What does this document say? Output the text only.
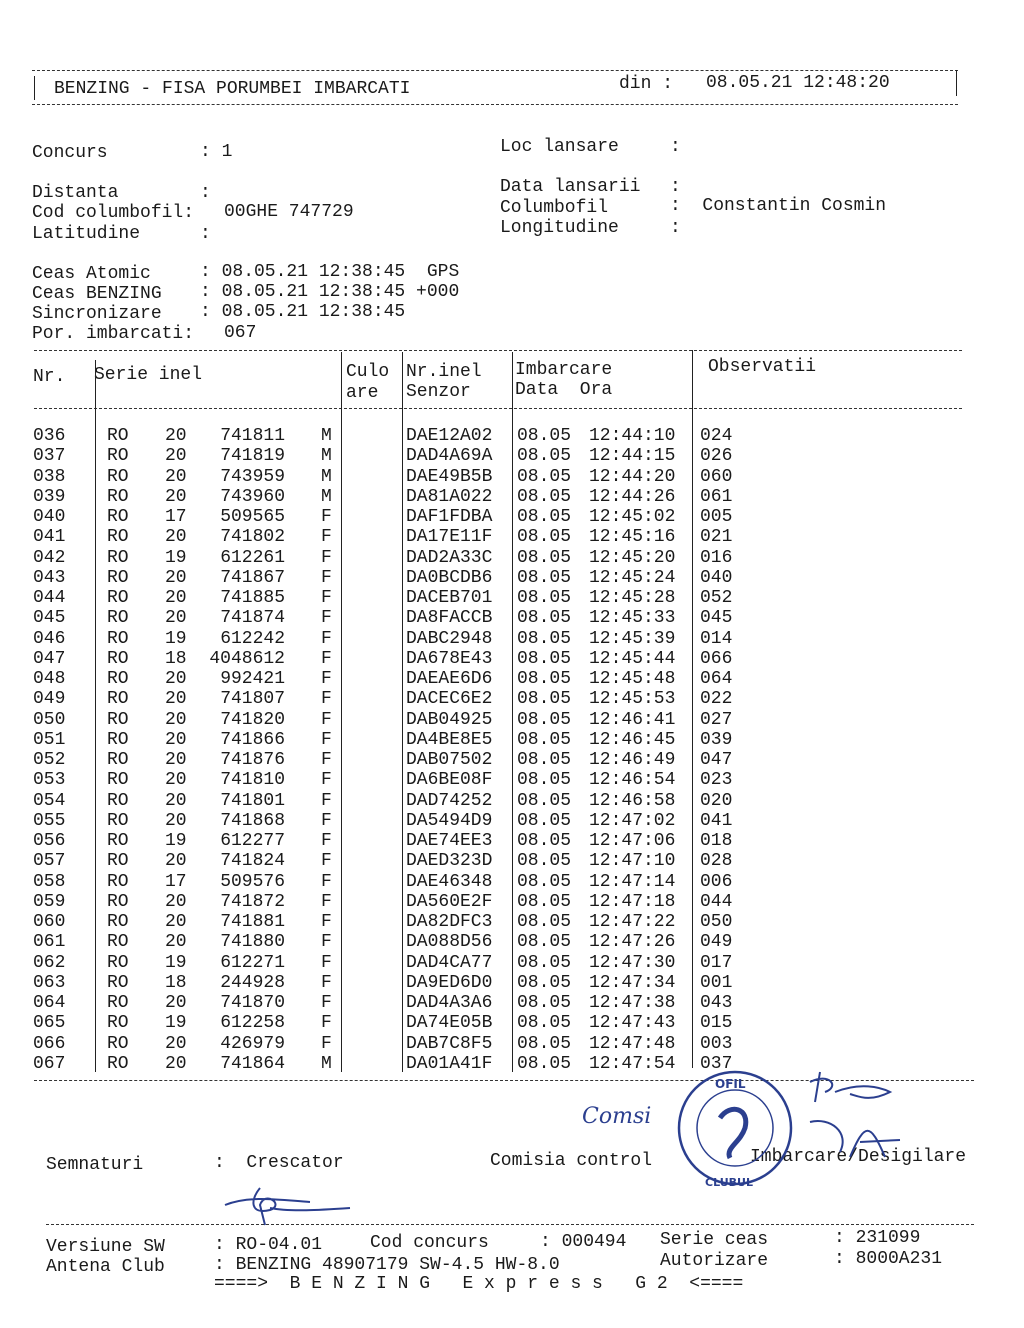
BENZING - FISA PORUMBEI IMBARCATI	din : 08.05.21 12:48:20
Concurs	: 1	Loc lansare	:
Distanta	:	Data lansarii :
Cod columbofil: 00GHE 747729	Columbofil	:  Constantin Cosmin
Latitudine	:	Longitudine	:
Ceas Atomic	: 08.05.21 12:38:45  GPS
Ceas BENZING : 08.05.21 12:38:45 +000
Sincronizare : 08.05.21 12:38:45
Por. imbarcati: 067
Nr. Serie inel	Culo
are
Nr.inel
Senzor
Imbarcare
Data  Ora
Observatii
036 RO 20	741811 M	DAE12A02 08.05 12:44:10 024
037 RO 20	741819 M	DAD4A69A 08.05 12:44:15 026
038 RO 20	743959 M	DAE49B5B 08.05 12:44:20 060
039 RO 20	743960 M	DA81A022 08.05 12:44:26 061
040 RO 17	509565 F	DAF1FDBA 08.05 12:45:02 005
041 RO 20	741802 F	DA17E11F 08.05 12:45:16 021
042 RO 19	612261 F	DAD2A33C 08.05 12:45:20 016
043 RO 20	741867 F	DA0BCDB6 08.05 12:45:24 040
044 RO 20	741885 F	DACEB701 08.05 12:45:28 052
045 RO 20	741874 F	DA8FACCB 08.05 12:45:33 045
046 RO 19	612242 F	DABC2948 08.05 12:45:39 014
047 RO 18 4048612 F	DA678E43 08.05 12:45:44 066
048 RO 20	992421 F	DAEAE6D6 08.05 12:45:48 064
049 RO 20	741807 F	DACEC6E2 08.05 12:45:53 022
050 RO 20	741820 F	DAB04925 08.05 12:46:41 027
051 RO 20	741866 F	DA4BE8E5 08.05 12:46:45 039
052 RO 20	741876 F	DAB07502 08.05 12:46:49 047
053 RO 20	741810 F	DA6BE08F 08.05 12:46:54 023
054 RO 20	741801 F	DAD74252 08.05 12:46:58 020
055 RO 20	741868 F	DA5494D9 08.05 12:47:02 041
056 RO 19	612277 F	DAE74EE3 08.05 12:47:06 018
057 RO 20	741824 F	DAED323D 08.05 12:47:10 028
058 RO 17	509576 F	DAE46348 08.05 12:47:14 006
059 RO 20	741872 F	DA560E2F 08.05 12:47:18 044
060 RO 20	741881 F	DA82DFC3 08.05 12:47:22 050
061 RO 20	741880 F	DA088D56 08.05 12:47:26 049
062 RO 19	612271 F	DAD4CA77 08.05 12:47:30 017
063 RO 18	244928 F	DA9ED6D0 08.05 12:47:34 001
064 RO 20	741870 F	DAD4A3A6 08.05 12:47:38 043
065 RO 19	612258 F	DA74E05B 08.05 12:47:43 015
066 RO 20	426979 F	DAB7C8F5 08.05 12:47:48 003
067 RO 20	741864 M	DA01A41F 08.05 12:47:54 037
Semnaturi	:  Crescator	Comisia control	Imbarcare/Desigilare
Comsi
OFIL
CLUBUL
Versiune SW	: RO-04.01	Cod concurs	: 000494 Serie ceas	: 231099
Antena Club	: BENZING 48907179 SW-4.5 HW-8.0	Autorizare	: 8000A231
====>  B E N Z I N G   E x p r e s s   G 2  <====
